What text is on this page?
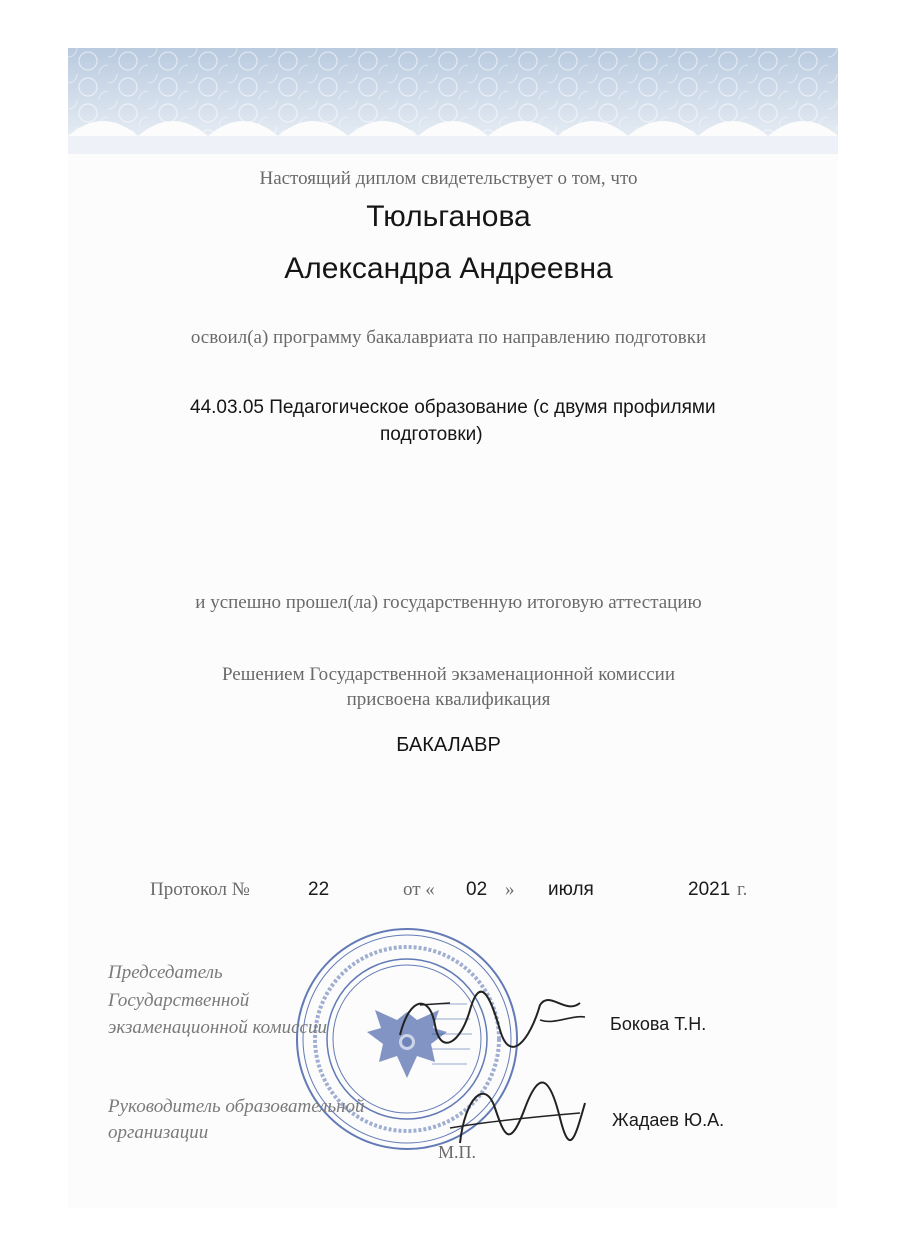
Настоящий диплом свидетельствует о том, что
Тюльганова
Александра Андреевна
освоил(а) программу бакалавриата по направлению подготовки
44.03.05 Педагогическое образование (с двумя профилями
подготовки)
и успешно прошел(ла) государственную итоговую аттестацию
Решением Государственной экзаменационной комиссии
присвоена квалификация
БАКАЛАВР
Протокол №	22	от « 02 » июля	2021 г.
Председатель
Государственной
экзаменационной комиссии	Бокова Т.Н.
Руководитель образовательной
организации
Жадаев Ю.А.
М.П.
